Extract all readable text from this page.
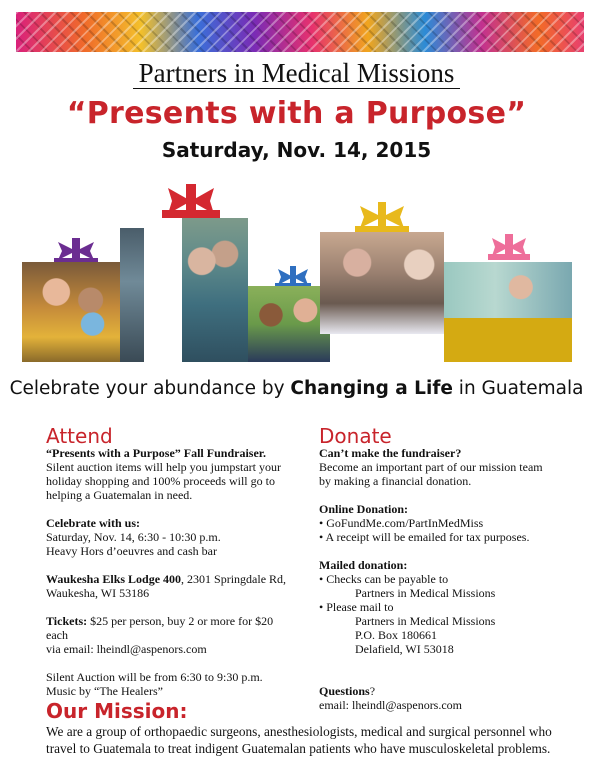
Partners in Medical Missions
“Presents with a Purpose”
Saturday, Nov. 14, 2015
Celebrate your abundance by Changing a Life in Guatemala
Attend

“Presents with a Purpose” Fall Fundraiser.

Silent auction items will help you jumpstart your

holiday shopping and 100% proceeds will go to

helping a Guatemalan in need.

Celebrate with us:

Saturday, Nov. 14, 6:30 - 10:30 p.m.

Heavy Hors d’oeuvres and cash bar

Waukesha Elks Lodge 400, 2301 Springdale Rd,

Waukesha, WI 53186

Tickets: $25 per person, buy 2 or more for $20

each

via email: lheindl@aspenors.com

Silent Auction will be from 6:30 to 9:30 p.m.

Music by “The Healers”

Donate

Can’t make the fundraiser?

Become an important part of our mission team

by making a financial donation.

Online Donation:

• GoFundMe.com/PartInMedMiss

• A receipt will be emailed for tax purposes.

Mailed donation:

• Checks can be payable to

Partners in Medical Missions

• Please mail to

Partners in Medical Missions

P.O. Box 180661

Delafield, WI 53018

Questions?

email: lheindl@aspenors.com

Our Mission:
We are a group of orthopaedic surgeons, anesthesiologists, medical and surgical personnel who travel to Guatemala to treat indigent Guatemalan patients who have musculoskeletal problems.
